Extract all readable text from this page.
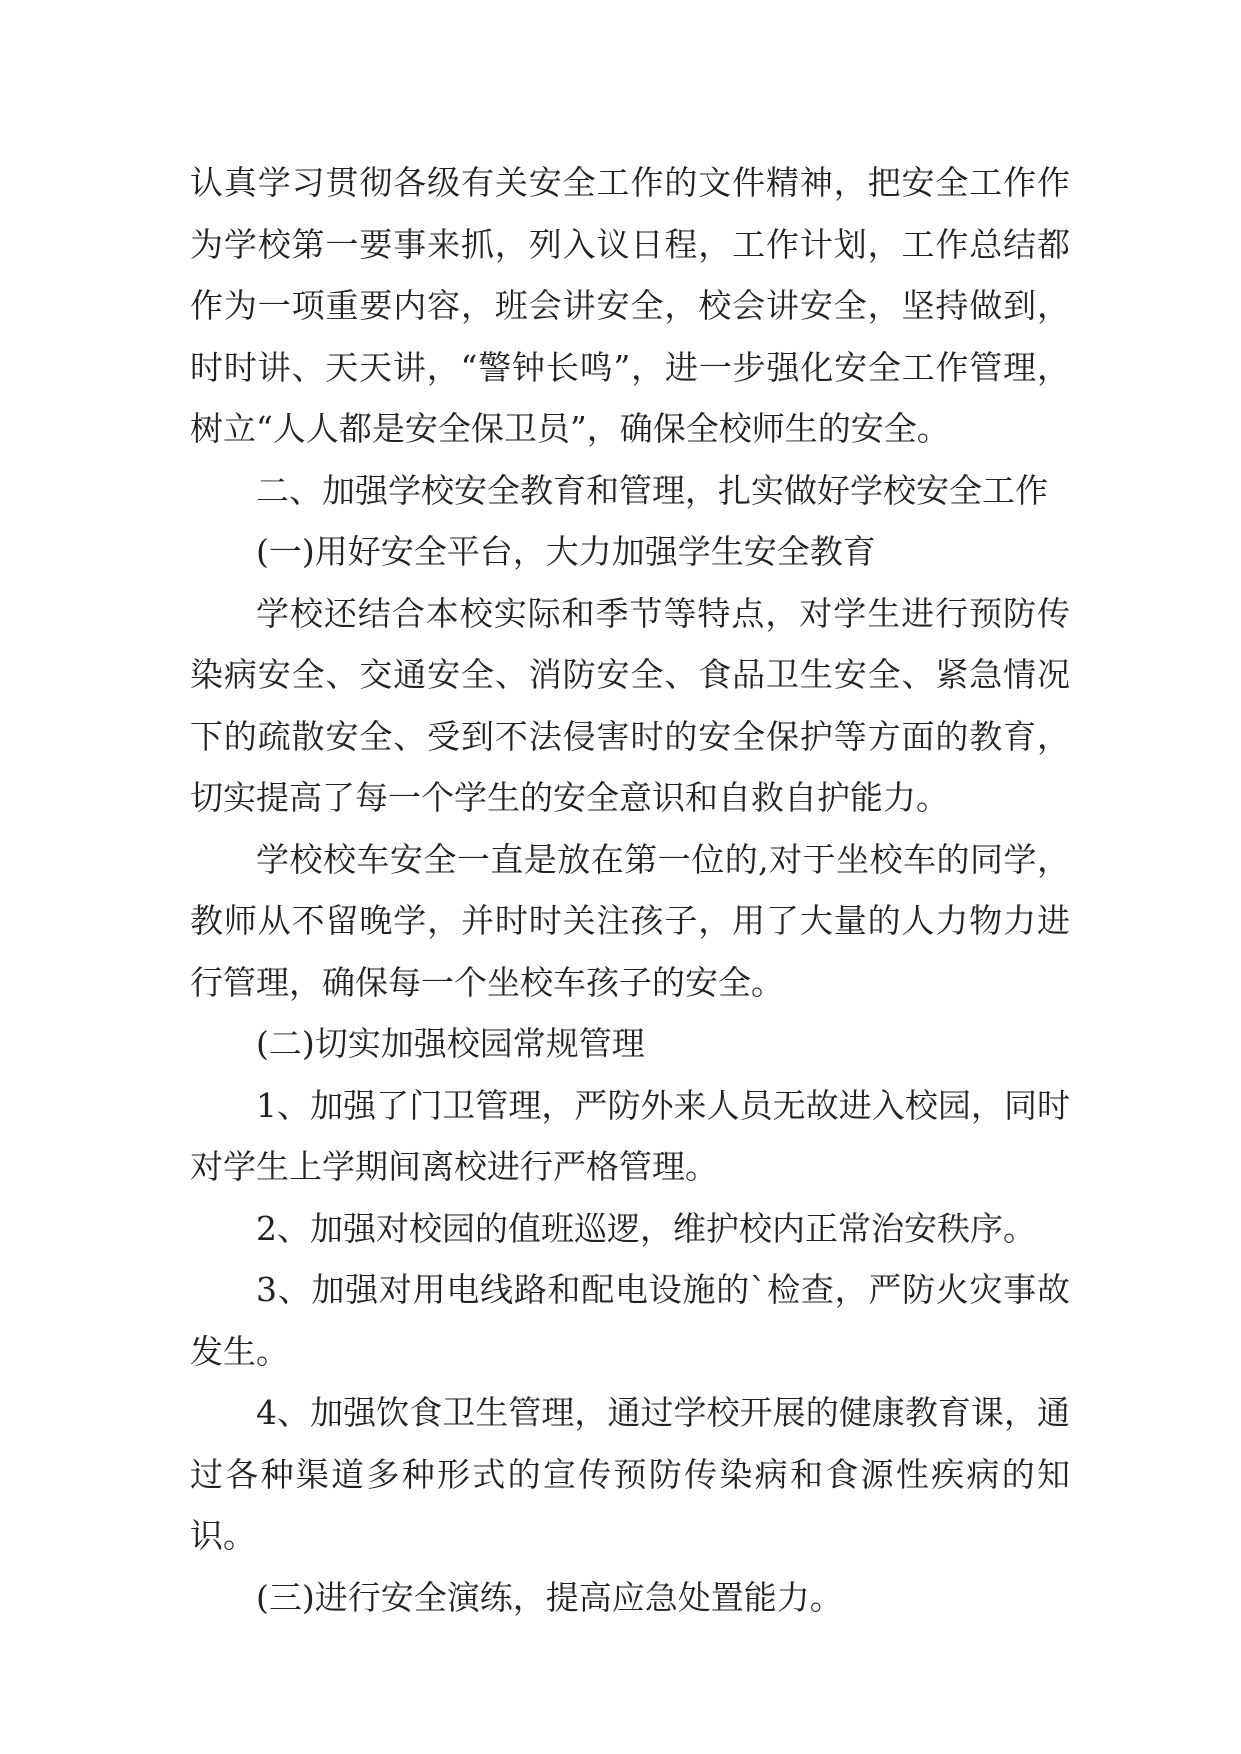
认真学习贯彻各级有关安全工作的文件精神，把安全工作作为学校第一要事来抓，列入议日程，工作计划，工作总结都作为一项重要内容，班会讲安全，校会讲安全，坚持做到，时时讲、天天讲，“警钟长鸣”，进一步强化安全工作管理，树立“人人都是安全保卫员”，确保全校师生的安全。

二、加强学校安全教育和管理，扎实做好学校安全工作

(一)用好安全平台，大力加强学生安全教育

学校还结合本校实际和季节等特点，对学生进行预防传染病安全、交通安全、消防安全、食品卫生安全、紧急情况下的疏散安全、受到不法侵害时的安全保护等方面的教育，切实提高了每一个学生的安全意识和自救自护能力。

学校校车安全一直是放在第一位的,对于坐校车的同学，教师从不留晚学，并时时关注孩子，用了大量的人力物力进行管理，确保每一个坐校车孩子的安全。

(二)切实加强校园常规管理

1、加强了门卫管理，严防外来人员无故进入校园，同时对学生上学期间离校进行严格管理。

2、加强对校园的值班巡逻，维护校内正常治安秩序。

3、加强对用电线路和配电设施的`检查，严防火灾事故发生。

4、加强饮食卫生管理，通过学校开展的健康教育课，通过各种渠道多种形式的宣传预防传染病和食源性疾病的知识。

(三)进行安全演练，提高应急处置能力。
